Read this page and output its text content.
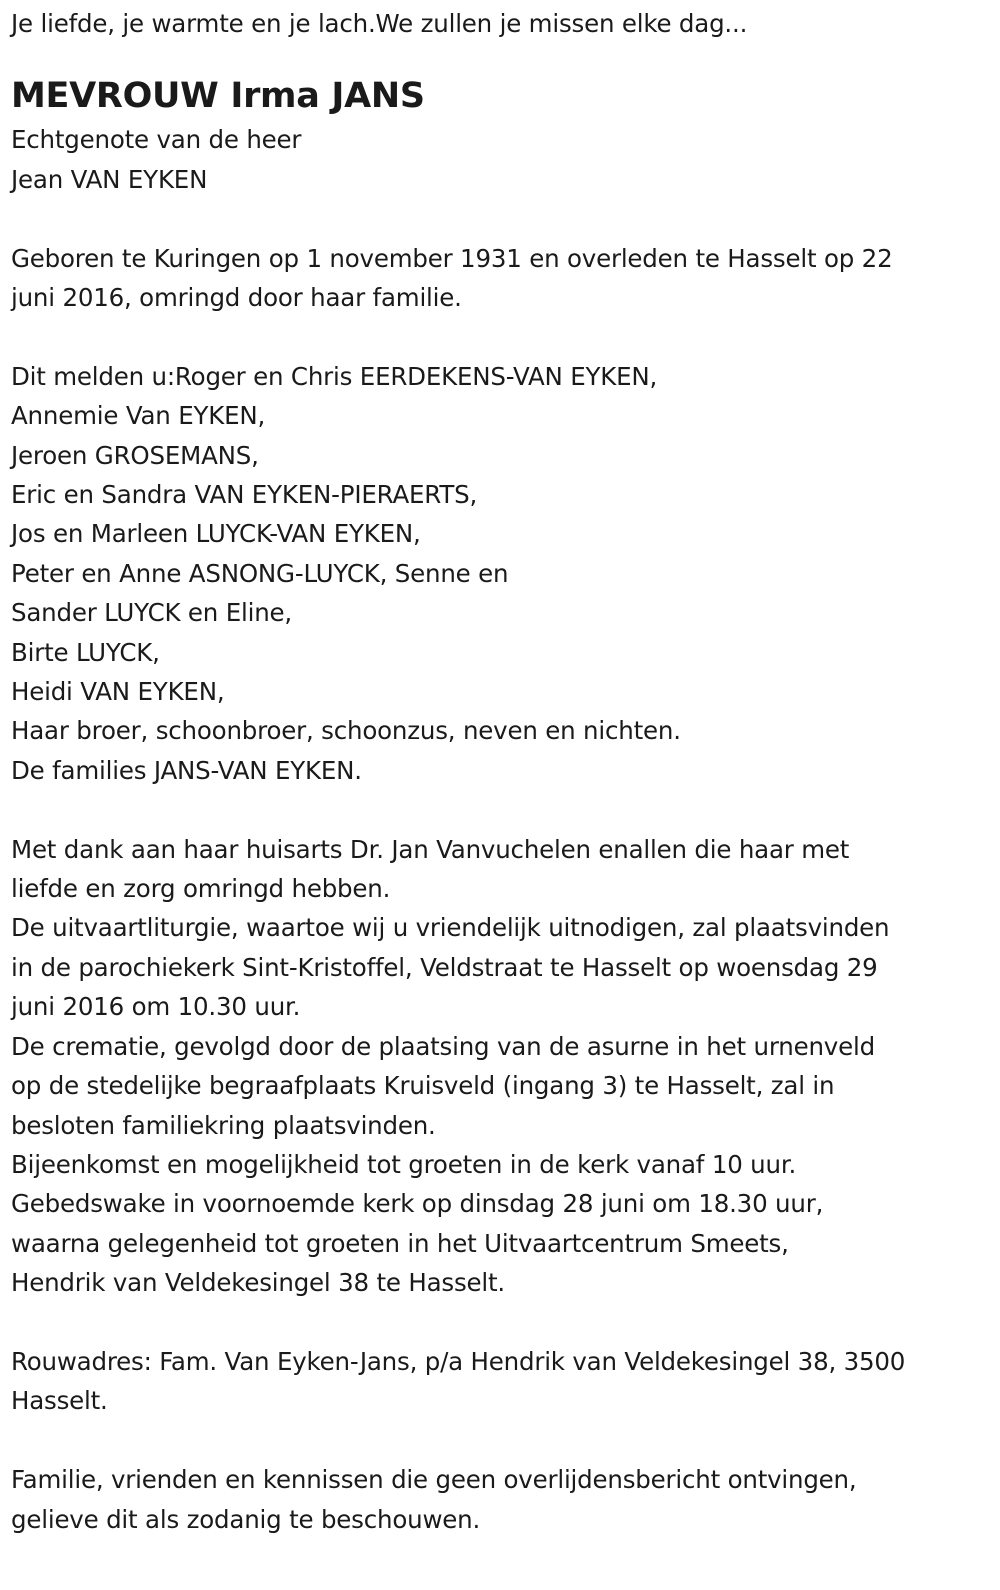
Je liefde, je warmte en je lach.We zullen je missen elke dag...
MEVROUW Irma JANS
Echtgenote van de heer
Jean VAN EYKEN
Geboren te Kuringen op 1 november 1931 en overleden te Hasselt op 22
juni 2016, omringd door haar familie.
Dit melden u:Roger en Chris EERDEKENS-VAN EYKEN,
Annemie Van EYKEN,
Jeroen GROSEMANS,
Eric en Sandra VAN EYKEN-PIERAERTS,
Jos en Marleen LUYCK-VAN EYKEN,
Peter en Anne ASNONG-LUYCK, Senne en
Sander LUYCK en Eline,
Birte LUYCK,
Heidi VAN EYKEN,
Haar broer, schoonbroer, schoonzus, neven en nichten.
De families JANS-VAN EYKEN.
Met dank aan haar huisarts Dr. Jan Vanvuchelen enallen die haar met
liefde en zorg omringd hebben.
De uitvaartliturgie, waartoe wij u vriendelijk uitnodigen, zal plaatsvinden
in de parochiekerk Sint-Kristoffel, Veldstraat te Hasselt op woensdag 29
juni 2016 om 10.30 uur.
De crematie, gevolgd door de plaatsing van de asurne in het urnenveld
op de stedelijke begraafplaats Kruisveld (ingang 3) te Hasselt, zal in
besloten familiekring plaatsvinden.
Bijeenkomst en mogelijkheid tot groeten in de kerk vanaf 10 uur.
Gebedswake in voornoemde kerk op dinsdag 28 juni om 18.30 uur,
waarna gelegenheid tot groeten in het Uitvaartcentrum Smeets,
Hendrik van Veldekesingel 38 te Hasselt.
Rouwadres: Fam. Van Eyken-Jans, p/a Hendrik van Veldekesingel 38, 3500
Hasselt.
Familie, vrienden en kennissen die geen overlijdensbericht ontvingen,
gelieve dit als zodanig te beschouwen.
